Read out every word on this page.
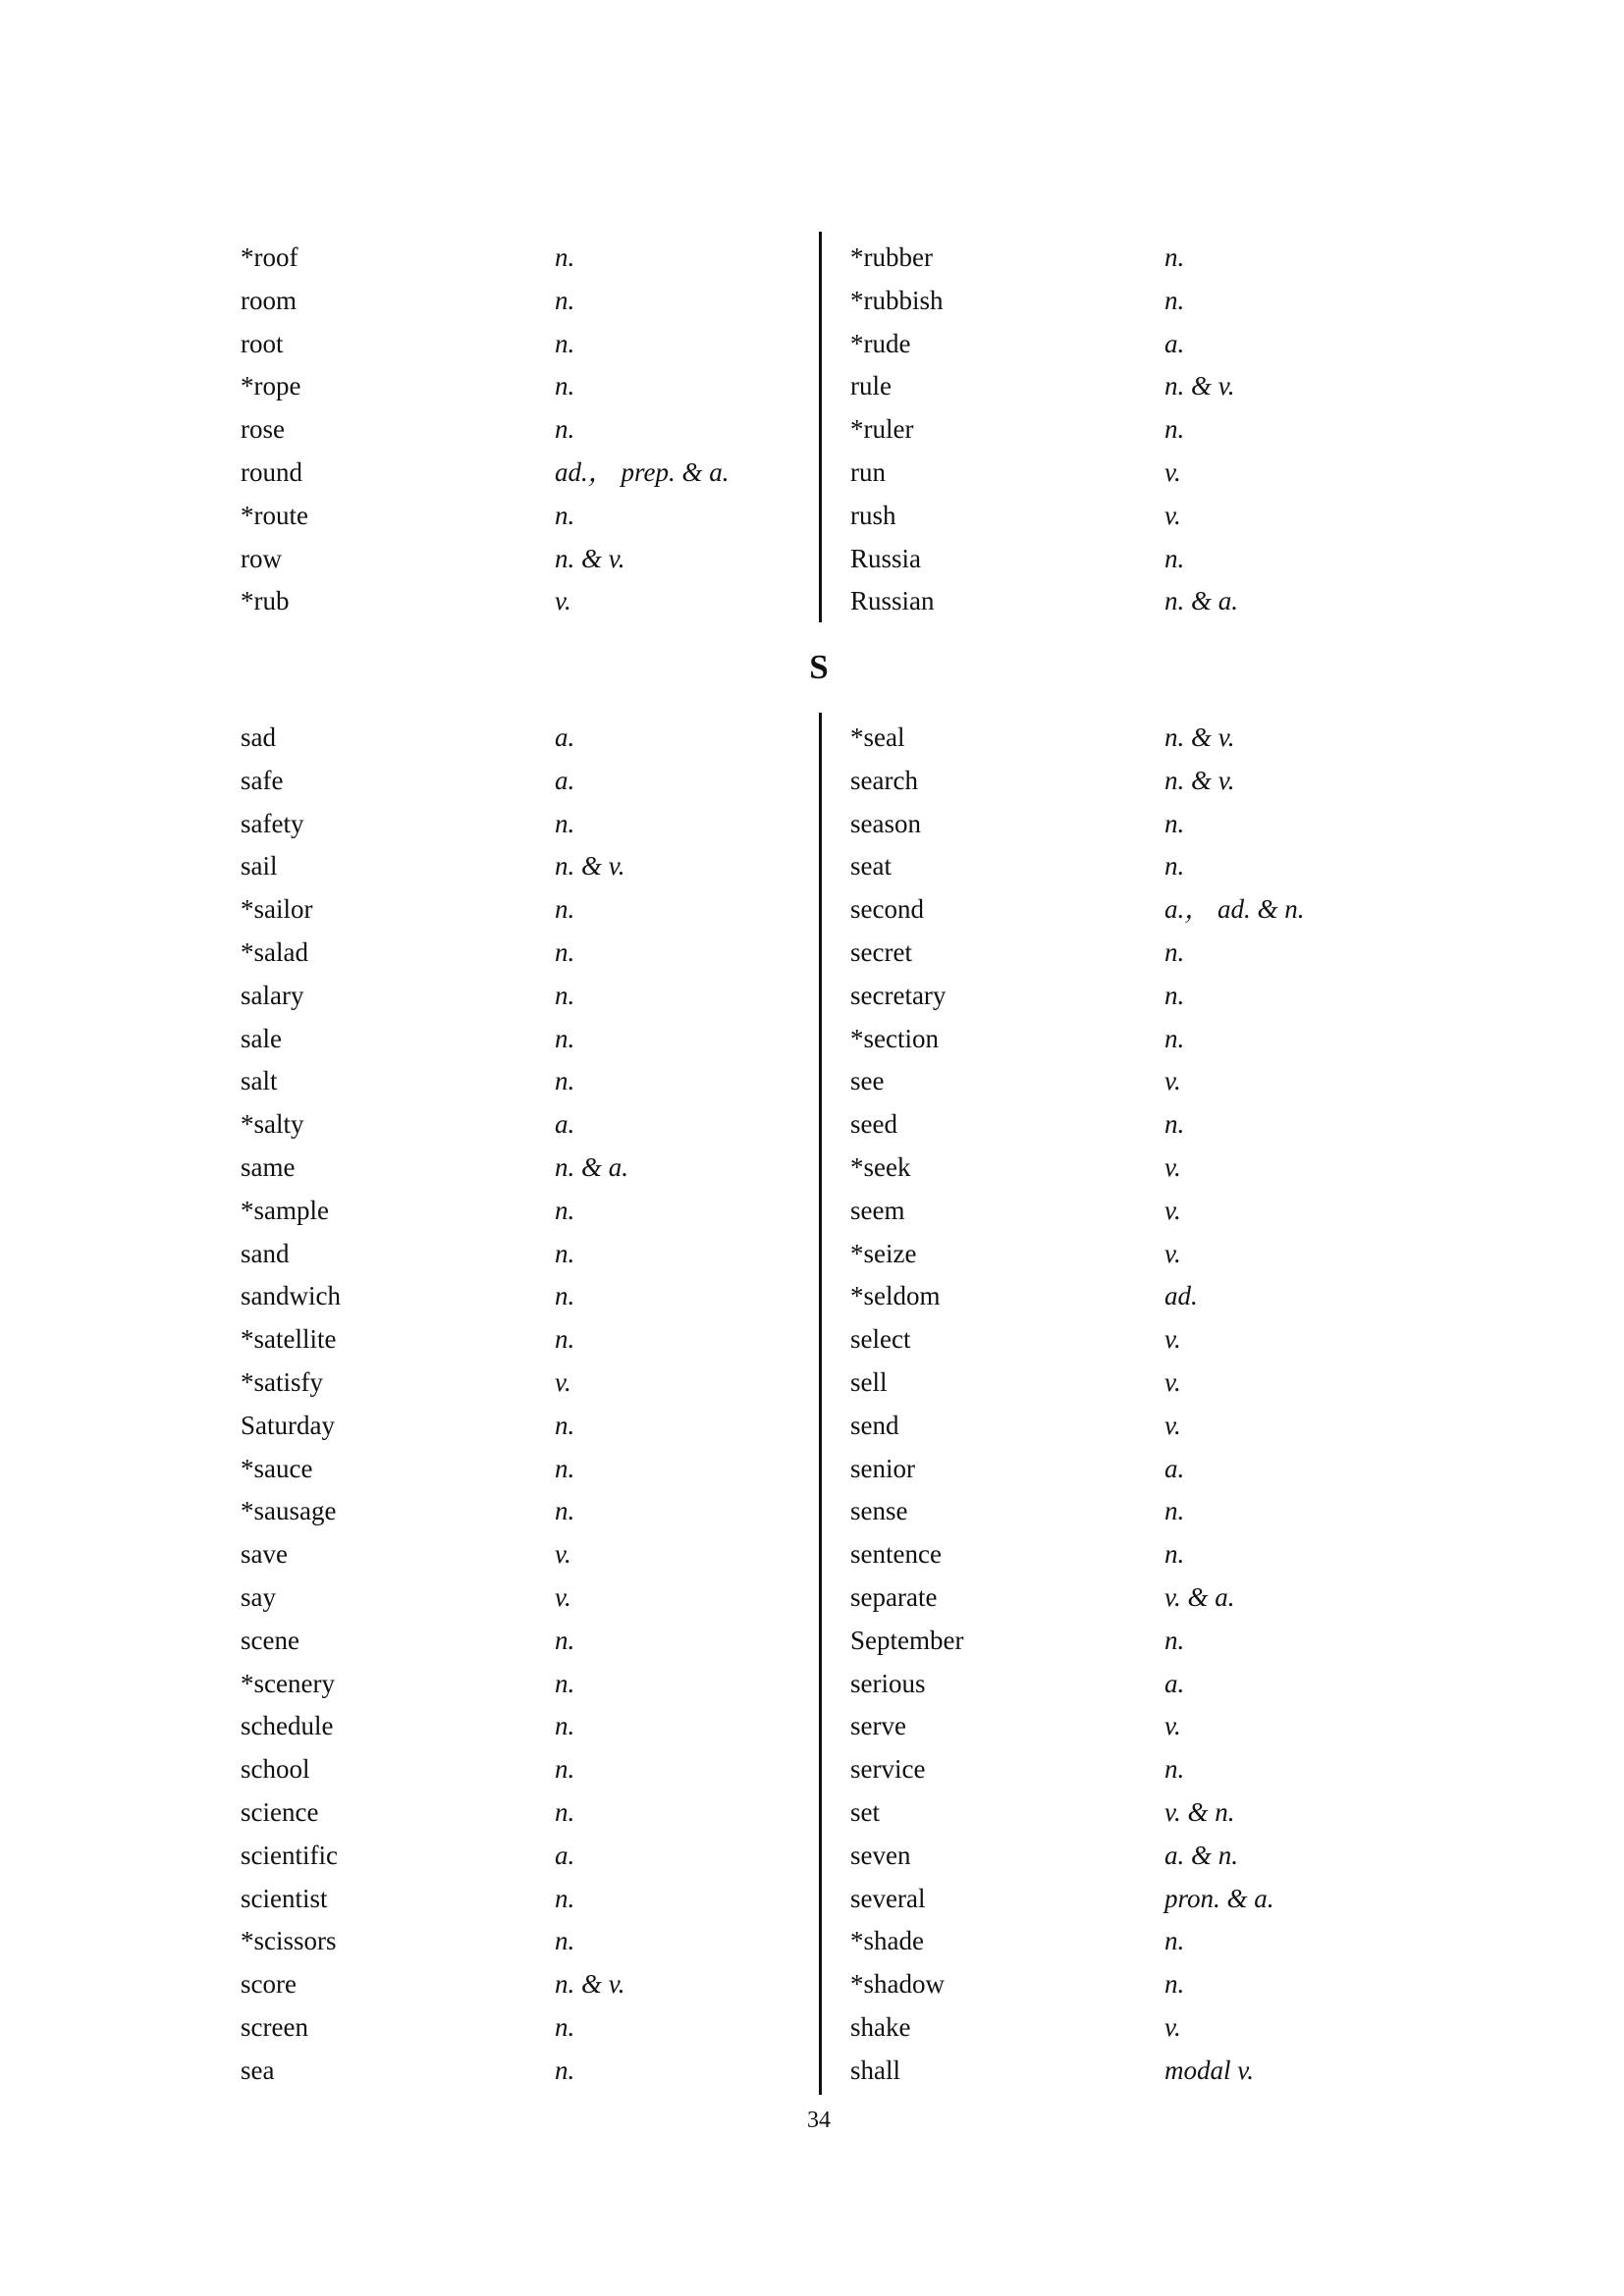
*roof	n.
room	n.
root	n.
*rope	n.
rose	n.
round	ad.， prep. & a.
*route	n.
row	n. & v.
*rub	v.
*rubber	n.
*rubbish	n.
*rude	a.
rule	n. & v.
*ruler	n.
run	v.
rush	v.
Russia	n.
Russian	n. & a.
S
sad	a.
safe	a.
safety	n.
sail	n. & v.
*sailor	n.
*salad	n.
salary	n.
sale	n.
salt	n.
*salty	a.
same	n. & a.
*sample	n.
sand	n.
sandwich	n.
*satellite	n.
*satisfy	v.
Saturday	n.
*sauce	n.
*sausage	n.
save	v.
say	v.
scene	n.
*scenery	n.
schedule	n.
school	n.
science	n.
scientific	a.
scientist	n.
*scissors	n.
score	n. & v.
screen	n.
sea	n.
*seal	n. & v.
search	n. & v.
season	n.
seat	n.
second	a.， ad. & n.
secret	n.
secretary	n.
*section	n.
see	v.
seed	n.
*seek	v.
seem	v.
*seize	v.
*seldom	ad.
select	v.
sell	v.
send	v.
senior	a.
sense	n.
sentence	n.
separate	v. & a.
September	n.
serious	a.
serve	v.
service	n.
set	v. & n.
seven	a. & n.
several	pron. & a.
*shade	n.
*shadow	n.
shake	v.
shall	modal v.
34
